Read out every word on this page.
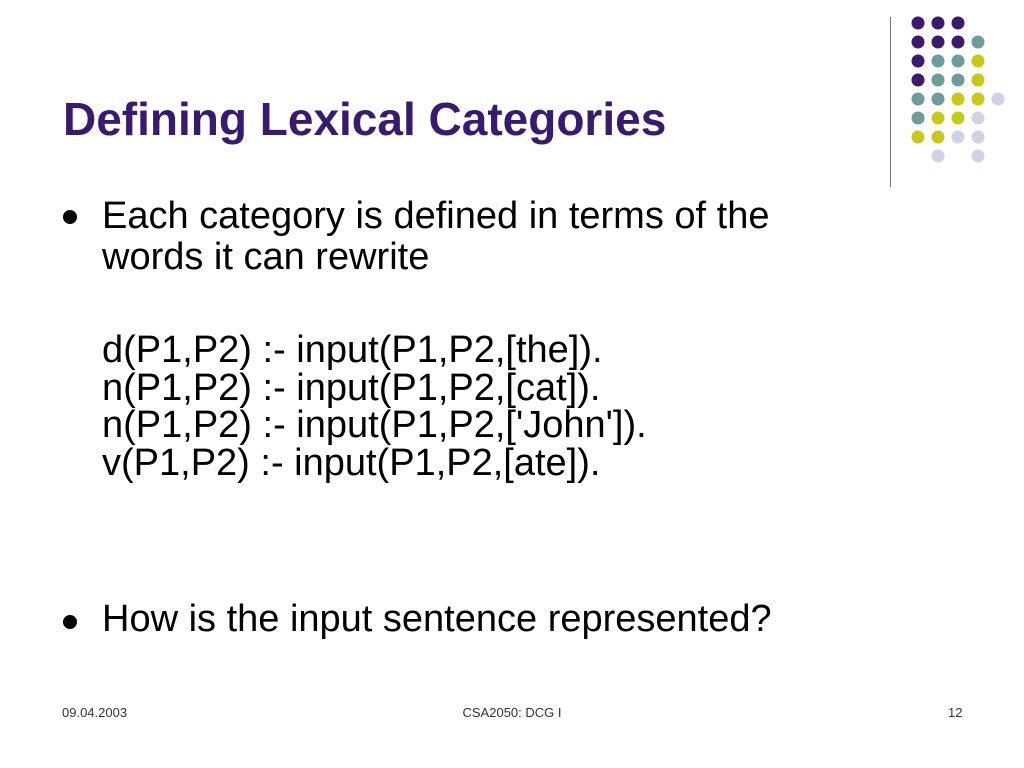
Defining Lexical Categories
Each category is defined in terms of the
words it can rewrite
d(P1,P2) :- input(P1,P2,[the]).
n(P1,P2) :- input(P1,P2,[cat]).
n(P1,P2) :- input(P1,P2,['John']).
v(P1,P2) :- input(P1,P2,[ate]).
How is the input sentence represented?
09.04.2003	CSA2050: DCG I	12
